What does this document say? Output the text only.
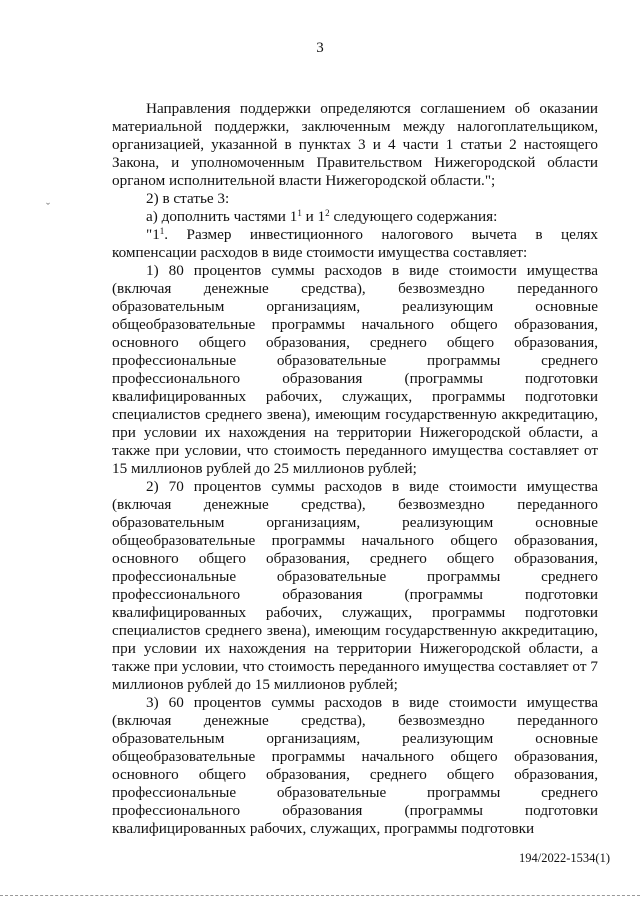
3

Направления поддержки определяются соглашением об оказании материальной поддержки, заключенным между налогоплательщиком, организацией, указанной в пунктах 3 и 4 части 1 статьи 2 настоящего Закона, и уполномоченным Правительством Нижегородской области органом исполнительной власти Нижегородской области.";

2) в статье 3:

а) дополнить частями $1^1$ и $1^2$ следующего содержания:

"$1^1$. Размер инвестиционного налогового вычета в целях компенсации расходов в виде стоимости имущества составляет:

1) 80 процентов суммы расходов в виде стоимости имущества (включая денежные средства), безвозмездно переданного образовательным организациям, реализующим основные общеобразовательные программы начального общего образования, основного общего образования, среднего общего образования, профессиональные образовательные программы среднего профессионального образования (программы подготовки квалифицированных рабочих, служащих, программы подготовки специалистов среднего звена), имеющим государственную аккредитацию, при условии их нахождения на территории Нижегородской области, а также при условии, что стоимость переданного имущества составляет от 15 миллионов рублей до 25 миллионов рублей;

2) 70 процентов суммы расходов в виде стоимости имущества (включая денежные средства), безвозмездно переданного образовательным организациям, реализующим основные общеобразовательные программы начального общего образования, основного общего образования, среднего общего образования, профессиональные образовательные программы среднего профессионального образования (программы подготовки квалифицированных рабочих, служащих, программы подготовки специалистов среднего звена), имеющим государственную аккредитацию, при условии их нахождения на территории Нижегородской области, а также при условии, что стоимость переданного имущества составляет от 7 миллионов рублей до 15 миллионов рублей;

3) 60 процентов суммы расходов в виде стоимости имущества (включая денежные средства), безвозмездно переданного образовательным организациям, реализующим основные общеобразовательные программы начального общего образования, основного общего образования, среднего общего образования, профессиональные образовательные программы среднего профессионального образования (программы подготовки квалифицированных рабочих, служащих, программы подготовки

194/2022-1534(1)
ˇ
